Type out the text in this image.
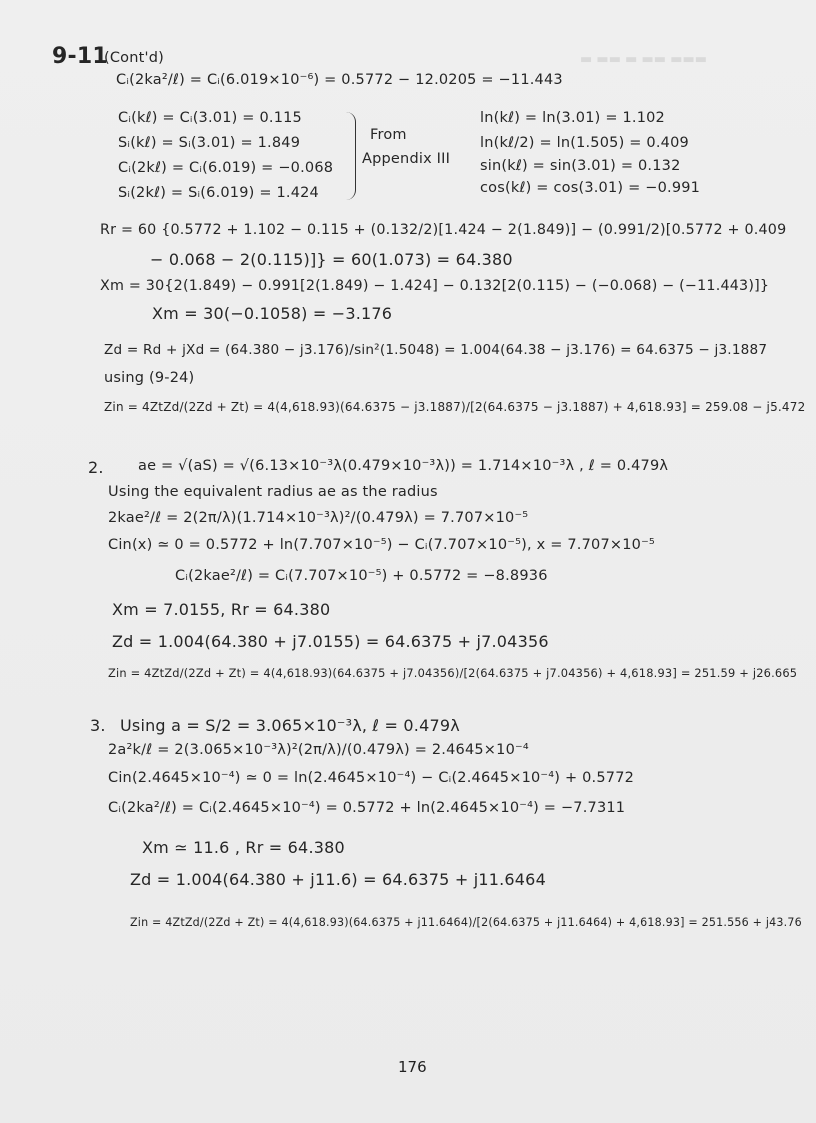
▬ ▬▬ ▬ ▬▬ ▬▬▬
9-11
(Cont'd)
Cᵢ(2ka²/ℓ) = Cᵢ(6.019×10⁻⁶) = 0.5772 − 12.0205 = −11.443
Cᵢ(kℓ) = Cᵢ(3.01) = 0.115
Sᵢ(kℓ) = Sᵢ(3.01) = 1.849
Cᵢ(2kℓ) = Cᵢ(6.019) = −0.068
Sᵢ(2kℓ) = Sᵢ(6.019) = 1.424
From
Appendix III
ln(kℓ) = ln(3.01) = 1.102
ln(kℓ/2) = ln(1.505) = 0.409
sin(kℓ) = sin(3.01) = 0.132
cos(kℓ) = cos(3.01) = −0.991
Rr = 60 {0.5772 + 1.102 − 0.115 + (0.132/2)[1.424 − 2(1.849)] − (0.991/2)[0.5772 + 0.409
− 0.068 − 2(0.115)]} = 60(1.073) = 64.380
Xm = 30{2(1.849) − 0.991[2(1.849) − 1.424] − 0.132[2(0.115) − (−0.068) − (−11.443)]}
Xm = 30(−0.1058) = −3.176
Zd = Rd + jXd = (64.380 − j3.176)/sin²(1.5048) = 1.004(64.38 − j3.176) = 64.6375 − j3.1887
using (9-24)
Zin = 4ZtZd/(2Zd + Zt) = 4(4,618.93)(64.6375 − j3.1887)/[2(64.6375 − j3.1887) + 4,618.93] = 259.08 − j5.472
2. ae = √(aS) = √(6.13×10⁻³λ(0.479×10⁻³λ)) = 1.714×10⁻³λ , ℓ = 0.479λ
Using the equivalent radius ae as the radius
2kae²/ℓ = 2(2π/λ)(1.714×10⁻³λ)²/(0.479λ) = 7.707×10⁻⁵
Cin(x) ≃ 0 = 0.5772 + ln(7.707×10⁻⁵) − Cᵢ(7.707×10⁻⁵), x = 7.707×10⁻⁵
Cᵢ(2kae²/ℓ) = Cᵢ(7.707×10⁻⁵) + 0.5772 = −8.8936
Xm = 7.0155, Rr = 64.380
Zd = 1.004(64.380 + j7.0155) = 64.6375 + j7.04356
Zin = 4ZtZd/(2Zd + Zt) = 4(4,618.93)(64.6375 + j7.04356)/[2(64.6375 + j7.04356) + 4,618.93] = 251.59 + j26.665
3. Using a = S/2 = 3.065×10⁻³λ, ℓ = 0.479λ
2a²k/ℓ = 2(3.065×10⁻³λ)²(2π/λ)/(0.479λ) = 2.4645×10⁻⁴
Cin(2.4645×10⁻⁴) ≃ 0 = ln(2.4645×10⁻⁴) − Cᵢ(2.4645×10⁻⁴) + 0.5772
Cᵢ(2ka²/ℓ) = Cᵢ(2.4645×10⁻⁴) = 0.5772 + ln(2.4645×10⁻⁴) = −7.7311
Xm ≃ 11.6 , Rr = 64.380
Zd = 1.004(64.380 + j11.6) = 64.6375 + j11.6464
Zin = 4ZtZd/(2Zd + Zt) = 4(4,618.93)(64.6375 + j11.6464)/[2(64.6375 + j11.6464) + 4,618.93] = 251.556 + j43.76
176
